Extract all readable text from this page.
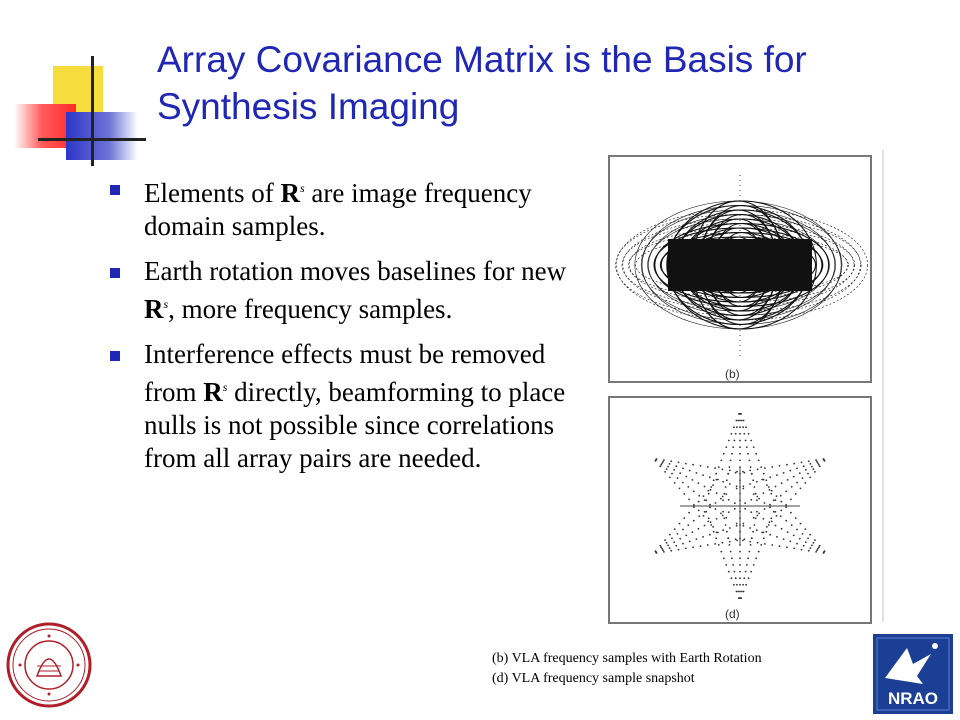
Array Covariance Matrix is the Basis for
Synthesis Imaging
Elements of $R^s$ are image frequency domain samples.
Earth rotation moves baselines for new $R^s$, more frequency samples.
Interference effects must be removed from $R^s$ directly, beamforming to place nulls is not possible since correlations from all array pairs are needed.
(b)
(d)
(b) VLA frequency samples with Earth Rotation
(d) VLA frequency sample snapshot
NRAO
